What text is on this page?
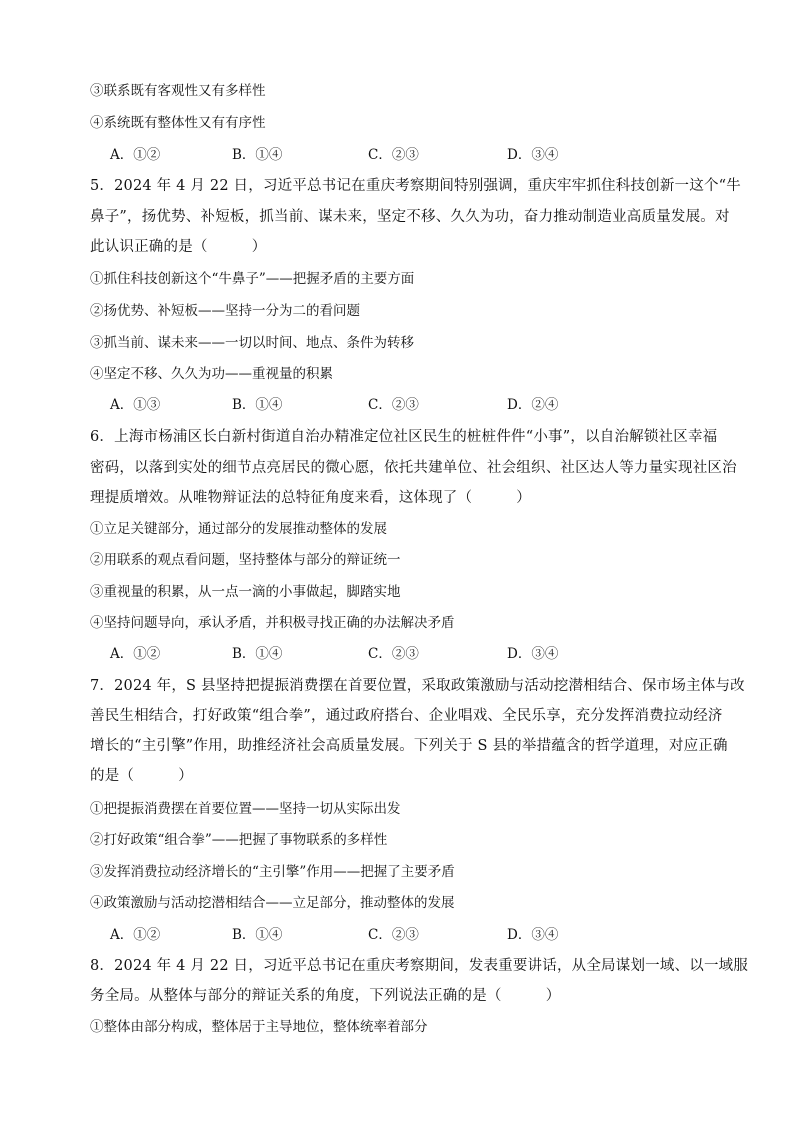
③联系既有客观性又有多样性
④系统既有整体性又有有序性
A．①②	B．①④	C．②③	D．③④
5．2024 年 4 月 22 日，习近平总书记在重庆考察期间特别强调，重庆牢牢抓住科技创新一这个“牛
鼻子”，扬优势、补短板，抓当前、谋未来，坚定不移、久久为功，奋力推动制造业高质量发展。对
此认识正确的是（　　　）
①抓住科技创新这个“牛鼻子”——把握矛盾的主要方面
②扬优势、补短板——坚持一分为二的看问题
③抓当前、谋未来——一切以时间、地点、条件为转移
④坚定不移、久久为功——重视量的积累
A．①③	B．①④	C．②③	D．②④
6．上海市杨浦区长白新村街道自治办精准定位社区民生的桩桩件件“小事”，以自治解锁社区幸福
密码，以落到实处的细节点亮居民的微心愿，依托共建单位、社会组织、社区达人等力量实现社区治
理提质增效。从唯物辩证法的总特征角度来看，这体现了（　　　）
①立足关键部分，通过部分的发展推动整体的发展
②用联系的观点看问题，坚持整体与部分的辩证统一
③重视量的积累，从一点一滴的小事做起，脚踏实地
④坚持问题导向，承认矛盾，并积极寻找正确的办法解决矛盾
A．①②	B．①④	C．②③	D．③④
7．2024 年，S 县坚持把提振消费摆在首要位置，采取政策激励与活动挖潜相结合、保市场主体与改
善民生相结合，打好政策“组合拳”，通过政府搭台、企业唱戏、全民乐享，充分发挥消费拉动经济
增长的“主引擎”作用，助推经济社会高质量发展。下列关于 S 县的举措蕴含的哲学道理，对应正确
的是（　　　）
①把提振消费摆在首要位置——坚持一切从实际出发
②打好政策“组合拳”——把握了事物联系的多样性
③发挥消费拉动经济增长的“主引擎”作用——把握了主要矛盾
④政策激励与活动挖潜相结合——立足部分，推动整体的发展
A．①②	B．①④	C．②③	D．③④
8．2024 年 4 月 22 日，习近平总书记在重庆考察期间，发表重要讲话，从全局谋划一域、以一域服
务全局。从整体与部分的辩证关系的角度，下列说法正确的是（　　　）
①整体由部分构成，整体居于主导地位，整体统率着部分
